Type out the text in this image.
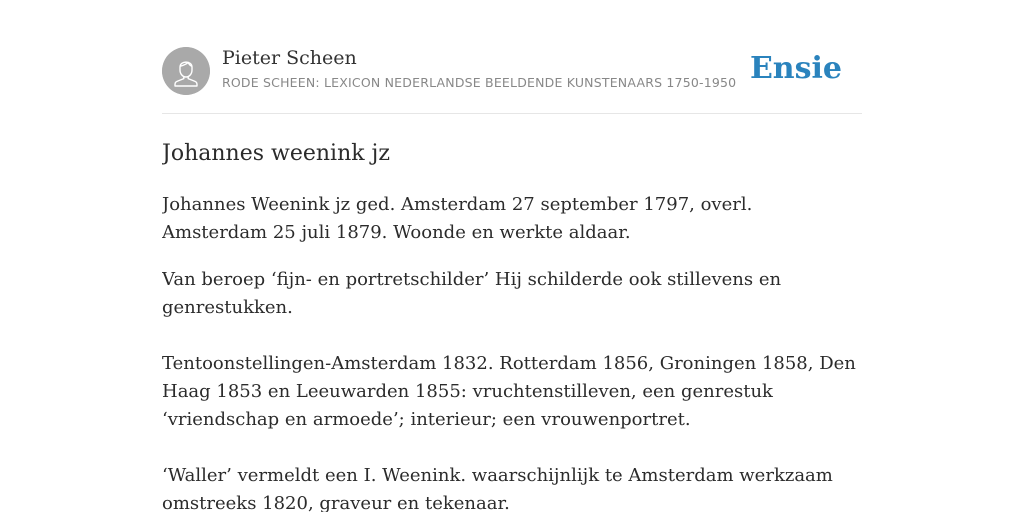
Pieter Scheen
RODE SCHEEN: LEXICON NEDERLANDSE BEELDENDE KUNSTENAARS 1750-1950 Ensie
Johannes weenink jz

Johannes Weenink jz ged. Amsterdam 27 september 1797, overl. Amsterdam 25 juli 1879. Woonde en werkte aldaar.

Van beroep ‘fijn- en portretschilder’ Hij schilderde ook stillevens en genrestukken.

Tentoonstellingen-Amsterdam 1832. Rotterdam 1856, Groningen 1858, Den Haag 1853 en Leeuwarden 1855: vruchtenstilleven, een genrestuk ‘vriendschap en armoede’; interieur; een vrouwenportret.

‘Waller’ vermeldt een I. Weenink. waarschijnlijk te Amsterdam werkzaam omstreeks 1820, graveur en tekenaar.
